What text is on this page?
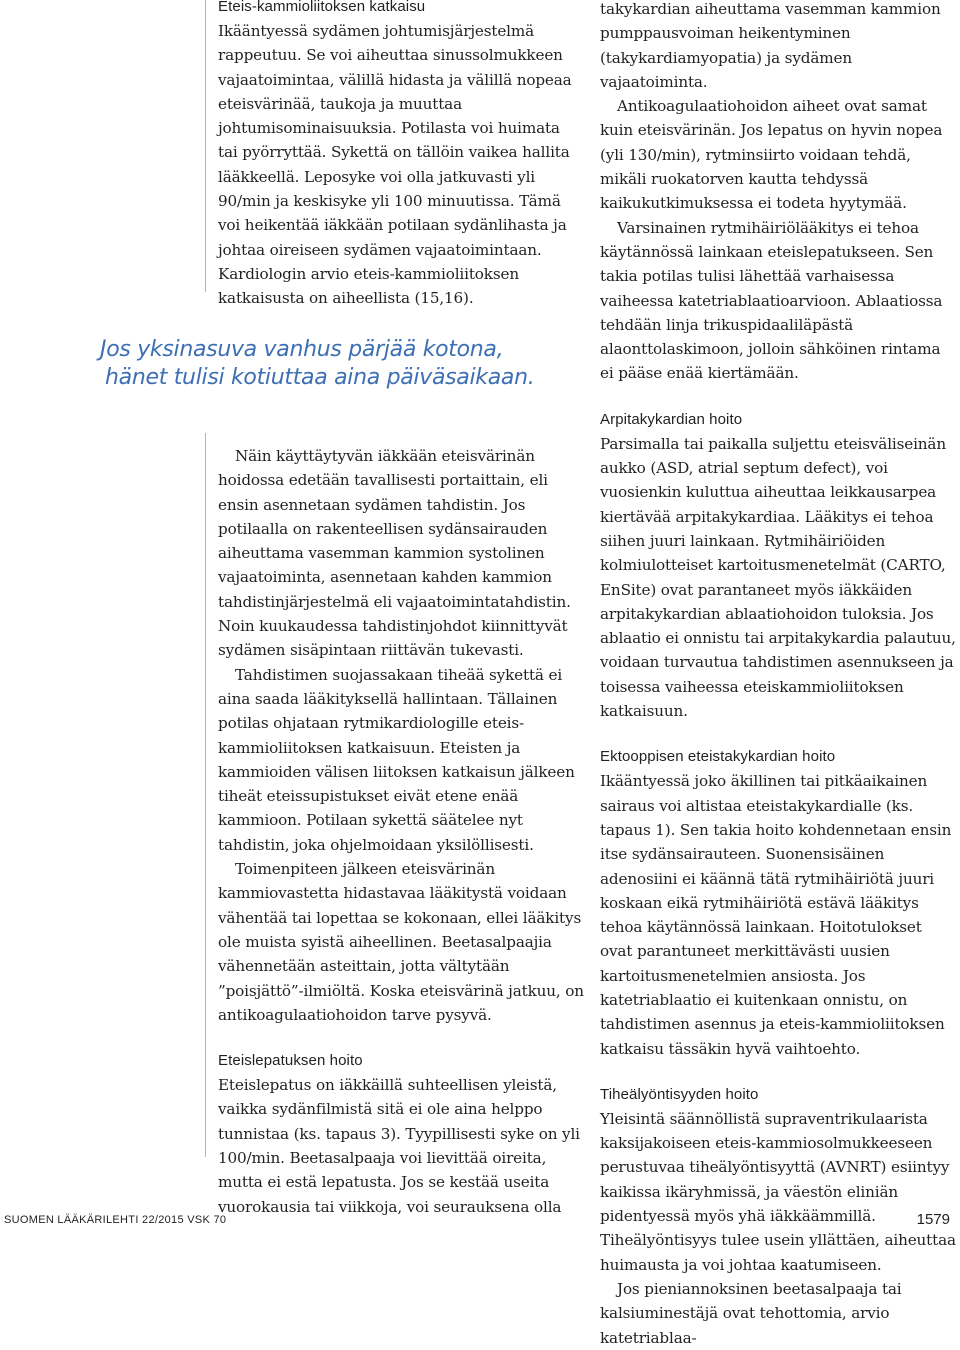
Eteis-kammioliitoksen katkaisu

Ikääntyessä sydämen johtumisjärjestelmä rappeutuu. Se voi aiheuttaa sinussolmukkeen vajaatoimintaa, välillä hidasta ja välillä nopeaa eteisvärinää, taukoja ja muuttaa johtumisominaisuuksia. Potilasta voi huimata tai pyörryttää. Sykettä on tällöin vaikea hallita lääkkeellä. Leposyke voi olla jatkuvasti yli 90/min ja keskisyke yli 100 minuutissa. Tämä voi heikentää iäkkään potilaan sydänlihasta ja johtaa oireiseen sydämen vajaatoimintaan. Kardiologin arvio eteis-kammioliitoksen katkaisusta on aiheellista (15,16).

Jos yksinasuva vanhus pärjää kotona,
hänet tulisi kotiuttaa aina päiväsaikaan.

Näin käyttäytyvän iäkkään eteisvärinän hoidossa edetään tavallisesti portaittain, eli ensin asennetaan sydämen tahdistin. Jos potilaalla on rakenteellisen sydänsairauden aiheuttama vasemman kammion systolinen vajaatoiminta, asennetaan kahden kammion tahdistinjärjestelmä eli vajaatoimintatahdistin. Noin kuukaudessa tahdistinjohdot kiinnittyvät sydämen sisäpintaan riittävän tukevasti.

Tahdistimen suojassakaan tiheää sykettä ei aina saada lääkityksellä hallintaan. Tällainen potilas ohjataan rytmikardiologille eteis-kammioliitoksen katkaisuun. Eteisten ja kammioiden välisen liitoksen katkaisun jälkeen tiheät eteissupistukset eivät etene enää kammioon. Potilaan sykettä säätelee nyt tahdistin, joka ohjelmoidaan yksilöllisesti.

Toimenpiteen jälkeen eteisvärinän kammiovastetta hidastavaa lääkitystä voidaan vähentää tai lopettaa se kokonaan, ellei lääkitys ole muista syistä aiheellinen. Beetasalpaajia vähennetään asteittain, jotta vältytään ”poisjättö”-ilmiöltä. Koska eteisvärinä jatkuu, on antikoagulaatiohoidon tarve pysyvä.

Eteislepatuksen hoito

Eteislepatus on iäkkäillä suhteellisen yleistä, vaikka sydänfilmistä sitä ei ole aina helppo tunnistaa (ks. tapaus 3). Tyypillisesti syke on yli 100/min. Beetasalpaaja voi lievittää oireita, mutta ei estä lepatusta. Jos se kestää useita vuorokausia tai viikkoja, voi seurauksena olla

takykardian aiheuttama vasemman kammion pumppausvoiman heikentyminen (takykardiamyopatia) ja sydämen vajaatoiminta.

Antikoagulaatiohoidon aiheet ovat samat kuin eteisvärinän. Jos lepatus on hyvin nopea (yli 130/min), rytminsiirto voidaan tehdä, mikäli ruokatorven kautta tehdyssä kaikukutkimuksessa ei todeta hyytymää.

Varsinainen rytmihäiriölääkitys ei tehoa käytännössä lainkaan eteislepatukseen. Sen takia potilas tulisi lähettää varhaisessa vaiheessa katetriablaatioarvioon. Ablaatiossa tehdään linja trikuspidaaliläpästä alaonttolaskimoon, jolloin sähköinen rintama ei pääse enää kiertämään.

Arpitakykardian hoito

Parsimalla tai paikalla suljettu eteisväliseinän aukko (ASD, atrial septum defect), voi vuosienkin kuluttua aiheuttaa leikkausarpea kiertävää arpitakykardiaa. Lääkitys ei tehoa siihen juuri lainkaan. Rytmihäiriöiden kolmiulotteiset kartoitusmenetelmät (CARTO, EnSite) ovat parantaneet myös iäkkäiden arpitakykardian ablaatiohoidon tuloksia. Jos ablaatio ei onnistu tai arpitakykardia palautuu, voidaan turvautua tahdistimen asennukseen ja toisessa vaiheessa eteiskammioliitoksen katkaisuun.

Ektooppisen eteistakykardian hoito

Ikääntyessä joko äkillinen tai pitkäaikainen sairaus voi altistaa eteistakykardialle (ks. tapaus 1). Sen takia hoito kohdennetaan ensin itse sydänsairauteen. Suonensisäinen adenosiini ei käännä tätä rytmihäiriötä juuri koskaan eikä rytmihäiriötä estävä lääkitys tehoa käytännössä lainkaan. Hoitotulokset ovat parantuneet merkittävästi uusien kartoitusmenetelmien ansiosta. Jos katetriablaatio ei kuitenkaan onnistu, on tahdistimen asennus ja eteis-kammioliitoksen katkaisu tässäkin hyvä vaihtoehto.

Tiheälyöntisyyden hoito

Yleisintä säännöllistä supraventrikulaarista kaksijakoiseen eteis-kammiosolmukkeeseen perustuvaa tiheälyöntisyyttä (AVNRT) esiintyy kaikissa ikäryhmissä, ja väestön eliniän pidentyessä myös yhä iäkkäämmillä. Tiheälyöntisyys tulee usein yllättäen, aiheuttaa huimausta ja voi johtaa kaatumiseen.

Jos pieniannoksinen beetasalpaaja tai kalsiuminestäjä ovat tehottomia, arvio katetriablaa-

SUOMEN LÄÄKÄRILEHTI 22/2015 VSK 70	1579
